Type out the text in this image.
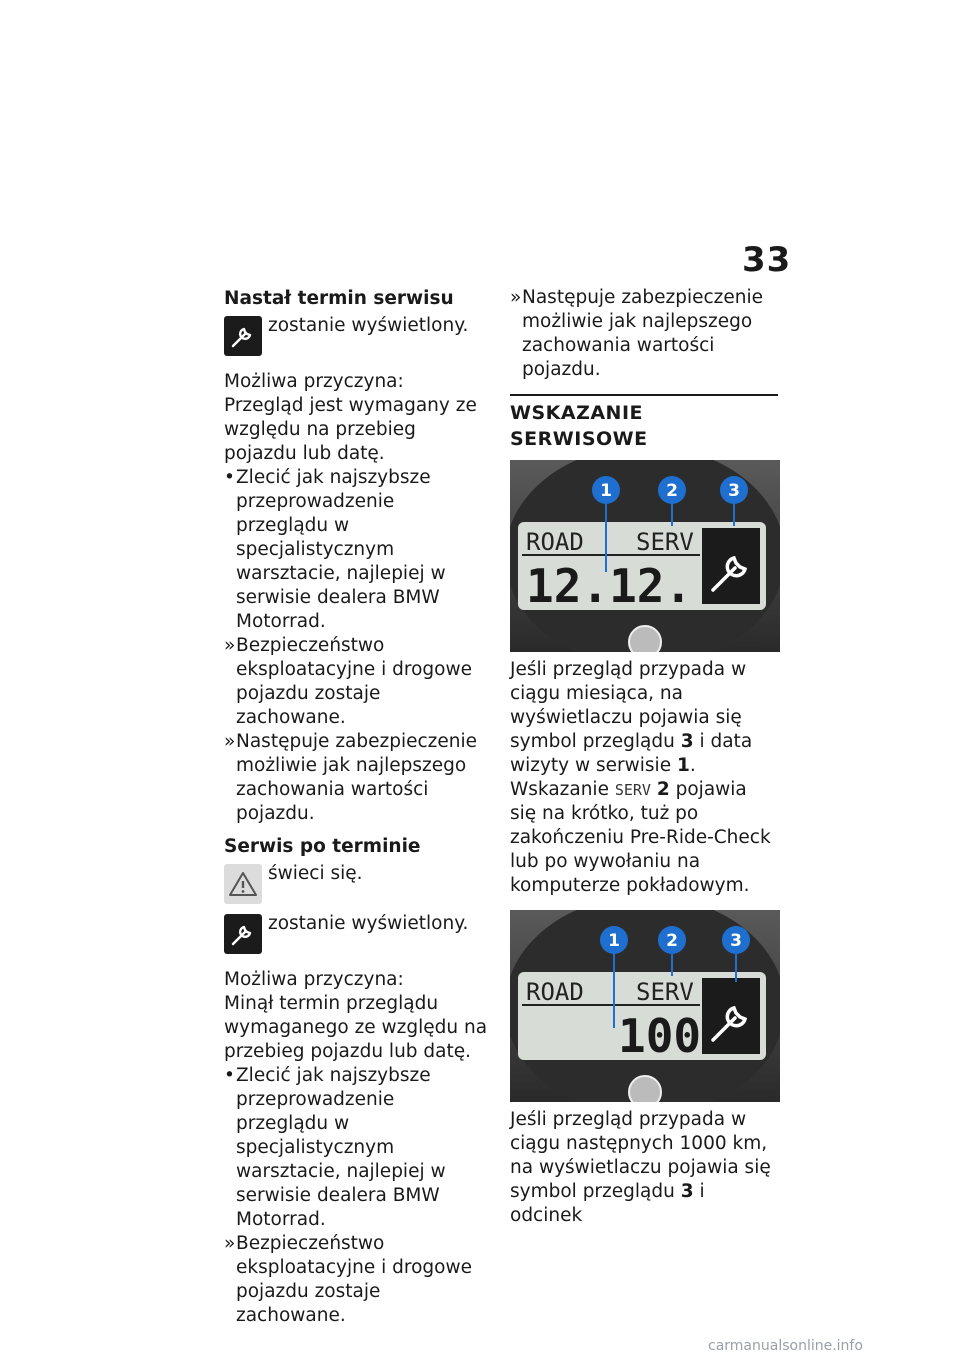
33
Nastał termin serwisu
zostanie wyświetlony.

Możliwa przyczyna:

Przegląd jest wymagany ze względu na przebieg pojazdu lub datę.

• Zlecić jak najszybsze przeprowadzenie przeglądu w specjalistycznym warsztacie, najlepiej w serwisie dealera BMW Motorrad.
» Bezpieczeństwo eksploatacyjne i drogowe pojazdu zostaje zachowane.
» Następuje zabezpieczenie możliwie jak najlepszego zachowania wartości pojazdu.
Serwis po terminie
świeci się.
zostanie wyświetlony.

Możliwa przyczyna:

Minął termin przeglądu wymaganego ze względu na przebieg pojazdu lub datę.

• Zlecić jak najszybsze przeprowadzenie przeglądu w specjalistycznym warsztacie, najlepiej w serwisie dealera BMW Motorrad.
» Bezpieczeństwo eksploatacyjne i drogowe pojazdu zostaje zachowane.
» Następuje zabezpieczenie możliwie jak najlepszego zachowania wartości pojazdu.
WSKAZANIE SERWISOWE
ROAD SERV
12.12.
1	2	3

Jeśli przegląd przypada w ciągu miesiąca, na wyświetlaczu pojawia się symbol przeglądu 3 i data wizyty w serwisie 1. Wskazanie SERV 2 pojawia się na krótko, tuż po zakończeniu Pre-Ride-Check lub po wywołaniu na komputerze pokładowym.

ROAD SERV
100
1	2	3

Jeśli przegląd przypada w ciągu następnych 1000 km, na wyświetlaczu pojawia się symbol przeglądu 3 i odcinek

carmanualsonline.info
